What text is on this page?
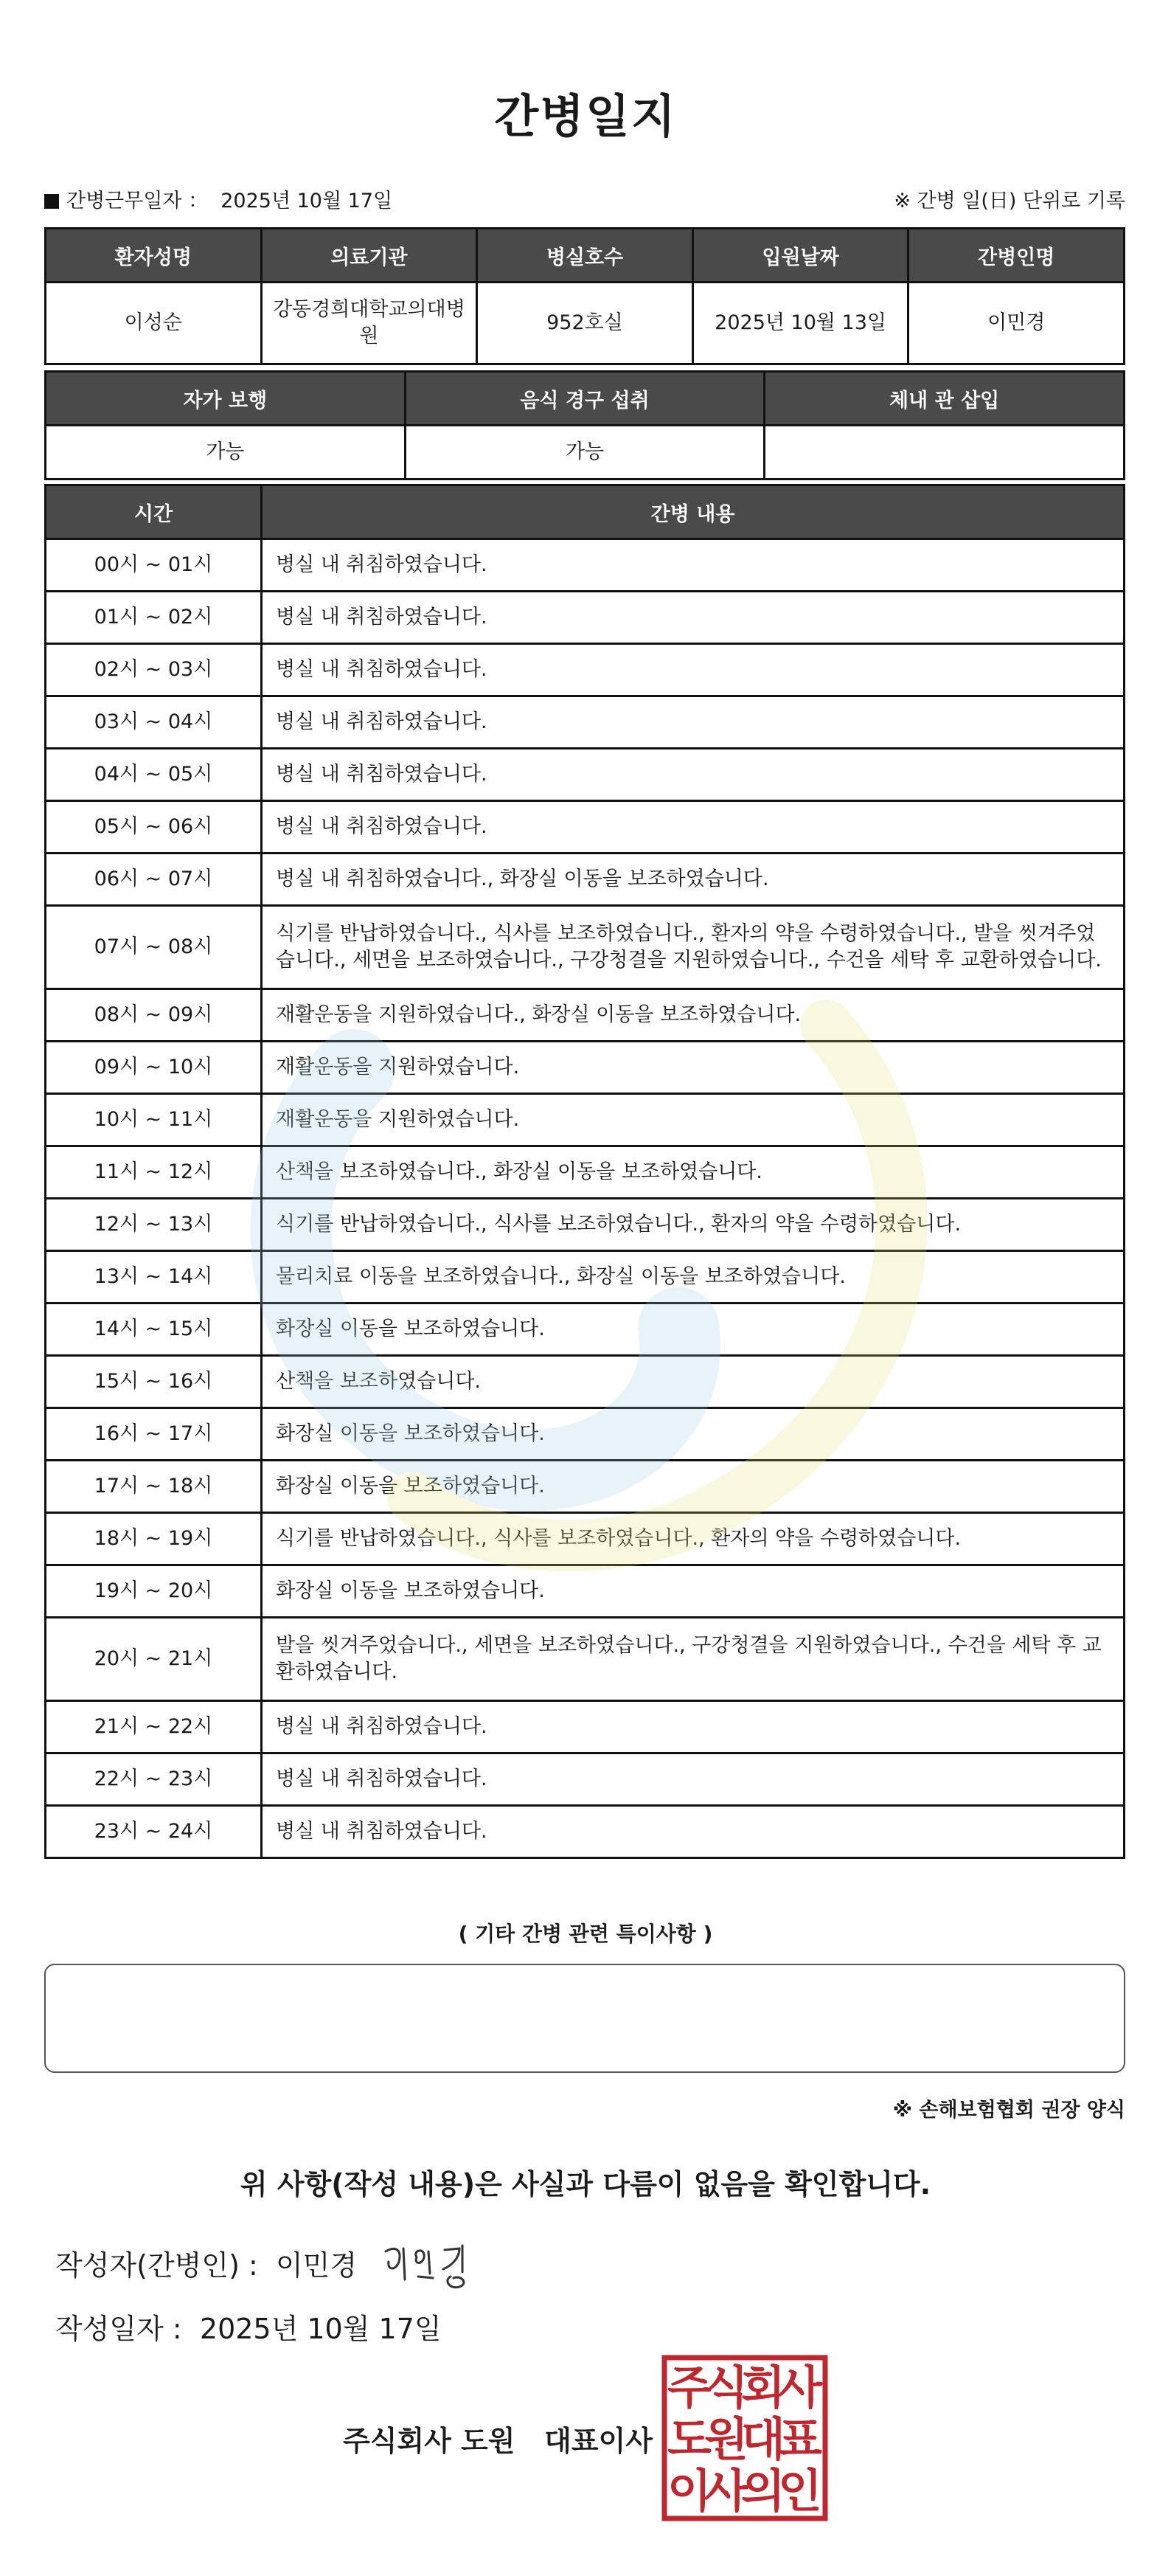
간병일지
간병근무일자 ： 2025년 10월 17일	※ 간병 일(日) 단위로 기록
환자성명	의료기관	병실호수	입원날짜	간병인명
이성순	강동경희대학교의대병원	952호실	2025년 10월 13일	이민경
자가 보행	음식 경구 섭취	체내 관 삽입
가능	가능	
시간	간병 내용
00시 ~ 01시	병실 내 취침하였습니다.
01시 ~ 02시	병실 내 취침하였습니다.
02시 ~ 03시	병실 내 취침하였습니다.
03시 ~ 04시	병실 내 취침하였습니다.
04시 ~ 05시	병실 내 취침하였습니다.
05시 ~ 06시	병실 내 취침하였습니다.
06시 ~ 07시	병실 내 취침하였습니다., 화장실 이동을 보조하였습니다.
07시 ~ 08시	식기를 반납하였습니다., 식사를 보조하였습니다., 환자의 약을 수령하였습니다., 발을 씻겨주었습니다., 세면을 보조하였습니다., 구강청결을 지원하였습니다., 수건을 세탁 후 교환하였습니다.
08시 ~ 09시	재활운동을 지원하였습니다., 화장실 이동을 보조하였습니다.
09시 ~ 10시	재활운동을 지원하였습니다.
10시 ~ 11시	재활운동을 지원하였습니다.
11시 ~ 12시	산책을 보조하였습니다., 화장실 이동을 보조하였습니다.
12시 ~ 13시	식기를 반납하였습니다., 식사를 보조하였습니다., 환자의 약을 수령하였습니다.
13시 ~ 14시	물리치료 이동을 보조하였습니다., 화장실 이동을 보조하였습니다.
14시 ~ 15시	화장실 이동을 보조하였습니다.
15시 ~ 16시	산책을 보조하였습니다.
16시 ~ 17시	화장실 이동을 보조하였습니다.
17시 ~ 18시	화장실 이동을 보조하였습니다.
18시 ~ 19시	식기를 반납하였습니다., 식사를 보조하였습니다., 환자의 약을 수령하였습니다.
19시 ~ 20시	화장실 이동을 보조하였습니다.
20시 ~ 21시	발을 씻겨주었습니다., 세면을 보조하였습니다., 구강청결을 지원하였습니다., 수건을 세탁 후 교환하였습니다.
21시 ~ 22시	병실 내 취침하였습니다.
22시 ~ 23시	병실 내 취침하였습니다.
23시 ~ 24시	병실 내 취침하였습니다.
( 기타 간병 관련 특이사항 )
※ 손해보험협회 권장 양식
위 사항(작성 내용)은 사실과 다름이 없음을 확인합니다.
작성자(간병인) : 이민경
작성일자 : 2025년 10월 17일
주식회사 도원   대표이사
주
식
회
사
도
원
대
표
이
사
의
인
